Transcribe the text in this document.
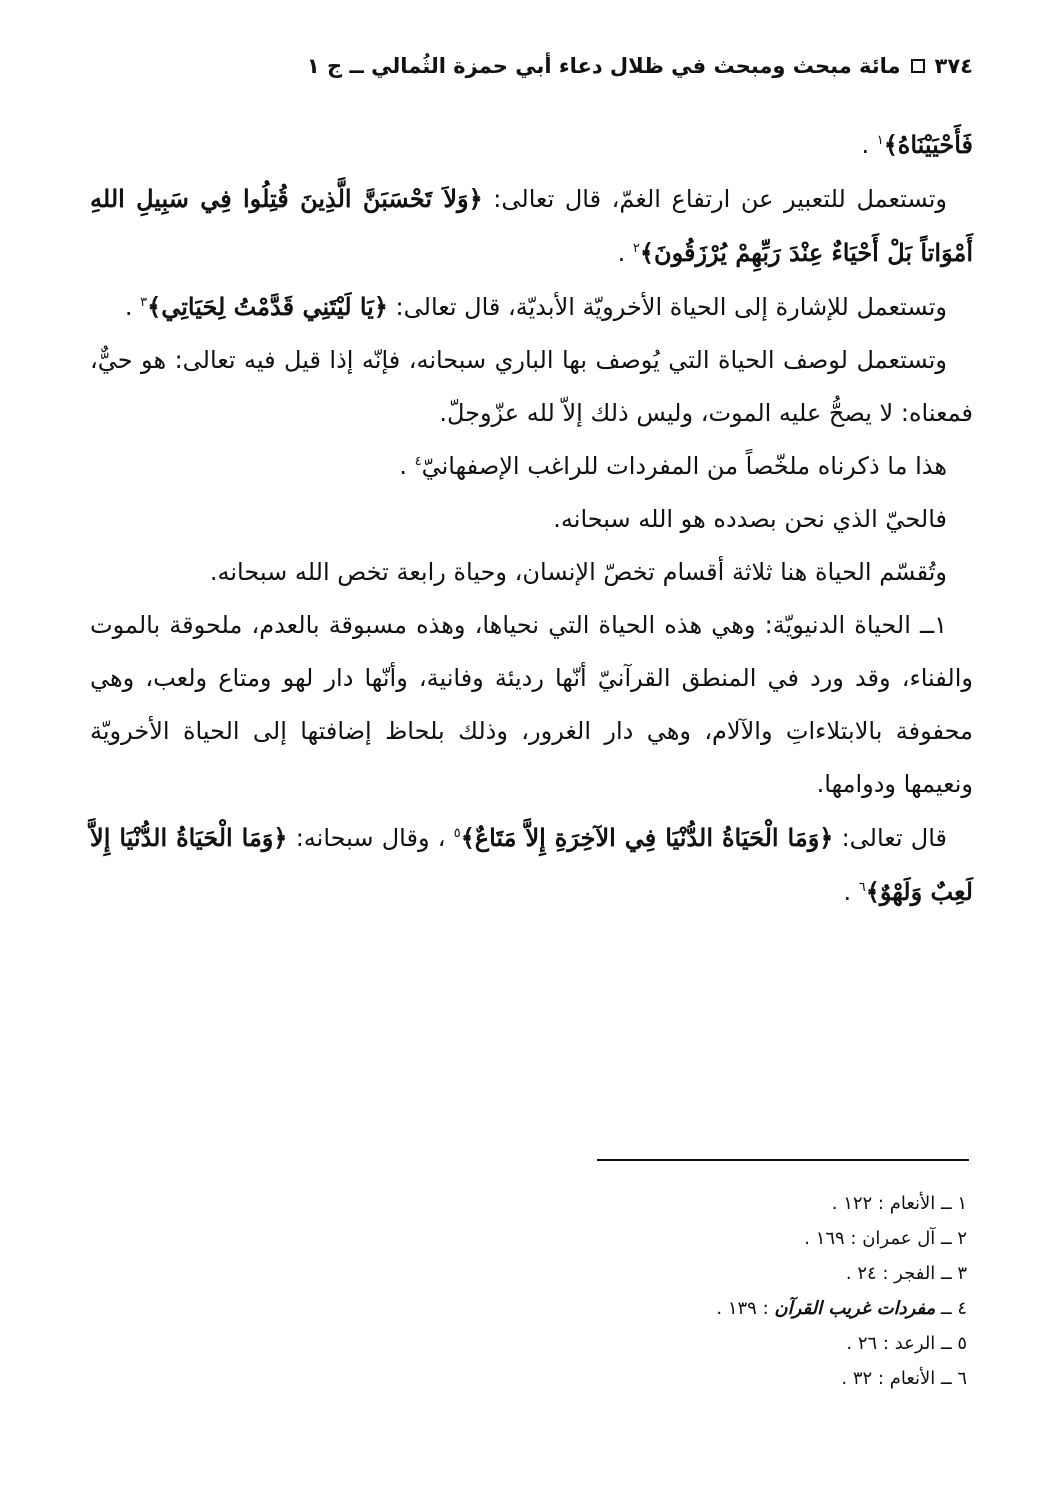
٣٧٤
مائة مبحث ومبحث في ظلال دعاء أبي حمزة الثُمالي ــ ج ١

فَأَحْيَيْنَاهُ﴾$^١$ .

وتستعمل للتعبير عن ارتفاع الغمّ، قال تعالى: ﴿وَلاَ تَحْسَبَنَّ الَّذِينَ قُتِلُوا فِي سَبِيلِ اللهِ أَمْوَاتاً بَلْ أَحْيَاءٌ عِنْدَ رَبِّهِمْ يُرْزَقُونَ﴾$^٢$ .

وتستعمل للإشارة إلى الحياة الأخرويّة الأبديّة، قال تعالى: ﴿يَا لَيْتَنِي قَدَّمْتُ لِحَيَاتِي﴾$^٣$ .

وتستعمل لوصف الحياة التي يُوصف بها الباري سبحانه، فإنّه إذا قيل فيه تعالى: هو حيٌّ، فمعناه: لا يصحُّ عليه الموت، وليس ذلك إلاّ لله عزّوجلّ.

هذا ما ذكرناه ملخّصاً من المفردات للراغب الإصفهانيّ$^٤$ .

فالحيّ الذي نحن بصدده هو الله سبحانه.

وتُقسّم الحياة هنا ثلاثة أقسام تخصّ الإنسان، وحياة رابعة تخص الله سبحانه.

١ــ الحياة الدنيويّة: وهي هذه الحياة التي نحياها، وهذه مسبوقة بالعدم، ملحوقة بالموت والفناء، وقد ورد في المنطق القرآنيّ أنّها رديئة وفانية، وأنّها دار لهو ومتاع ولعب، وهي محفوفة بالابتلاءاتِ والآلام، وهي دار الغرور، وذلك بلحاظ إضافتها إلى الحياة الأخرويّة ونعيمها ودوامها.

قال تعالى: ﴿وَمَا الْحَيَاةُ الدُّنْيَا فِي الآخِرَةِ إِلاَّ مَتَاعٌ﴾$^٥$ ، وقال سبحانه: ﴿وَمَا الْحَيَاةُ الدُّنْيَا إِلاَّ لَعِبٌ وَلَهْوٌ﴾$^٦$ .

١ ــ الأنعام : ١٢٢ .

٢ ــ آل عمران : ١٦٩ .

٣ ــ الفجر : ٢٤ .

٤ ــ مفردات غريب القرآن : ١٣٩ .

٥ ــ الرعد : ٢٦ .

٦ ــ الأنعام : ٣٢ .
